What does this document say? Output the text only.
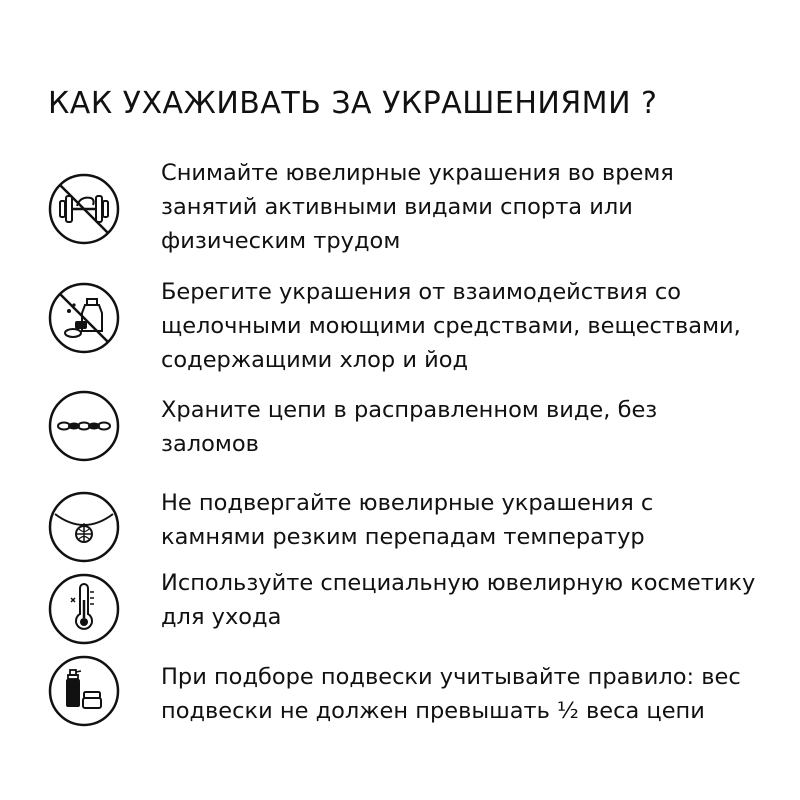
КАК УХАЖИВАТЬ ЗА УКРАШЕНИЯМИ ?
Снимайте ювелирные украшения во время
занятий активными видами спорта или
физическим трудом
Берегите украшения от взаимодействия со
щелочными моющими средствами, веществами,
содержащими хлор и йод
Храните цепи в расправленном виде, без
заломов
Не подвергайте ювелирные украшения с
камнями резким перепадам температур
Используйте специальную ювелирную косметику
для ухода
При подборе подвески учитывайте правило: вес
подвески не должен превышать ½ веса цепи
